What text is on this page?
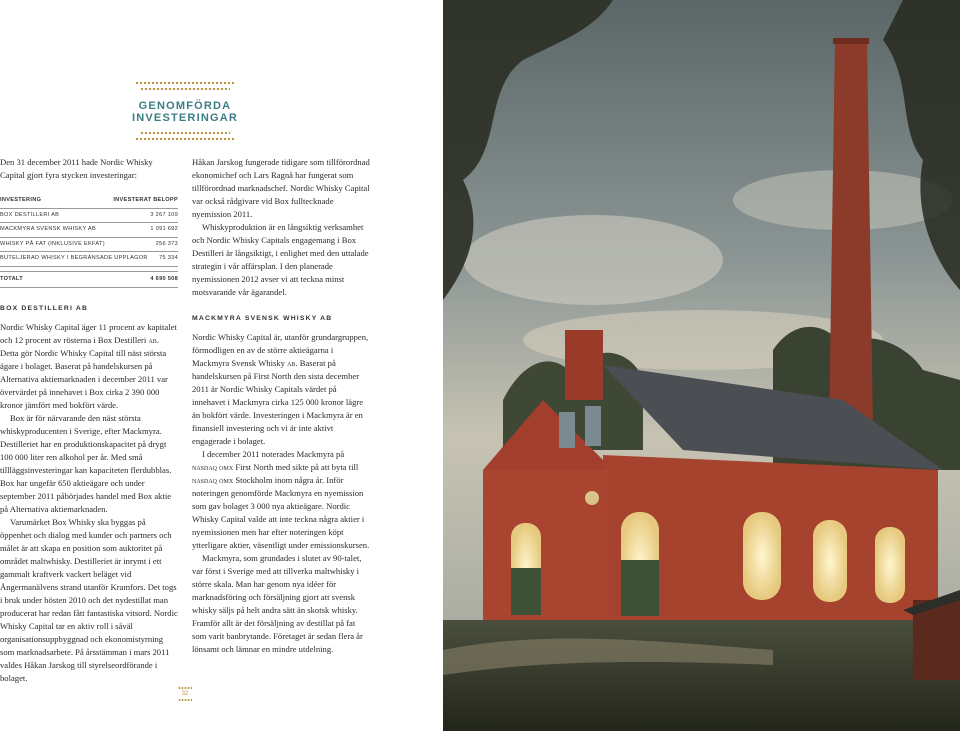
GENOMFÖRDA INVESTERINGAR

Den 31 december 2011 hade Nordic Whisky Capital gjort fyra stycken investeringar:

INVESTERING	INVESTERAT BELOPP
BOX DESTILLERI AB	3 267 109
MACKMYRA SVENSK WHISKY AB	1 091 692
WHISKY PÅ FAT (INKLUSIVE EKFAT)	256 373
BUTELJERAD WHISKY I BEGRÄNSADE UPPLAGOR 75 334
TOTALT	4 690 508
BOX DESTILLERI AB

Nordic Whisky Capital äger 11 procent av kapitalet och 12 procent av rösterna i Box Destilleri ab. Detta gör Nordic Whisky Capital till näst största ägare i bolaget. Baserat på handelskursen på Alternativa aktiemarknaden i december 2011 var övervärdet på innehavet i Box cirka 2 390 000 kronor jämfört med bokfört värde.

Box är för närvarande den näst största whiskyproducenten i Sverige, efter Mackmyra. Destilleriet har en produktionskapacitet på drygt 100 000 liter ren alkohol per år. Med små tillläggsinvesteringar kan kapaciteten flerdubblas. Box har ungefär 650 aktieägare och under september 2011 påbörjades handel med Box aktie på Alternativa aktiemarknaden.

Varumärket Box Whisky ska byggas på öppenhet och dialog med kunder och partners och målet är att skapa en position som auktoritet på området maltwhisky. Destilleriet är inrymt i ett gammalt kraftverk vackert beläget vid Ångermanälvens strand utanför Kramfors. Det togs i bruk under hösten 2010 och det nydestillat man producerat har redan fått fantastiska vitsord. Nordic Whisky Capital tar en aktiv roll i såväl organisationsuppbyggnad och ekonomistyrning som marknadsarbete. På årsstämman i mars 2011 valdes Håkan Jarskog till styrelseordförande i bolaget.

Håkan Jarskog fungerade tidigare som tillförordnad ekonomichef och Lars Ragnå har fungerat som tillförordnad marknadschef. Nordic Whisky Capital var också rådgivare vid Box fulltecknade nyemission 2011.

Whiskyproduktion är en långsiktig verksamhet och Nordic Whisky Capitals engagemang i Box Destilleri är långsiktigt, i enlighet med den uttalade strategin i vår affärsplan. I den planerade nyemissionen 2012 avser vi att teckna minst motsvarande vår ägarandel.

MACKMYRA SVENSK WHISKY AB

Nordic Whisky Capital är, utanför grundargruppen, förmodligen en av de större aktieägarna i Mackmyra Svensk Whisky ab. Baserat på handelskursen på First North den sista december 2011 är Nordic Whisky Capitals värdet på innehavet i Mackmyra cirka 125 000 kronor lägre än bokfört värde. Investeringen i Mackmyra är en finansiell investering och vi är inte aktivt engagerade i bolaget.

I december 2011 noterades Mackmyra på nasdaq omx First North med sikte på att byta till nasdaq omx Stockholm inom några år. Inför noteringen genomförde Mackmyra en nyemission som gav bolaget 3 000 nya aktieägare. Nordic Whisky Capital valde att inte teckna några aktier i nyemissionen men har efter noteringen köpt ytterligare aktier, väsentligt under emissionskursen.

Mackmyra, som grundades i slutet av 90-talet, var först i Sverige med att tillverka maltwhisky i större skala. Man har genom nya idéer för marknadsföring och försäljning gjort att svensk whisky säljs på helt andra sätt än skotsk whisky. Framför allt är det försäljning av destillat på fat som varit banbrytande. Företaget är sedan flera år lönsamt och lämnar en mindre utdelning.

32
